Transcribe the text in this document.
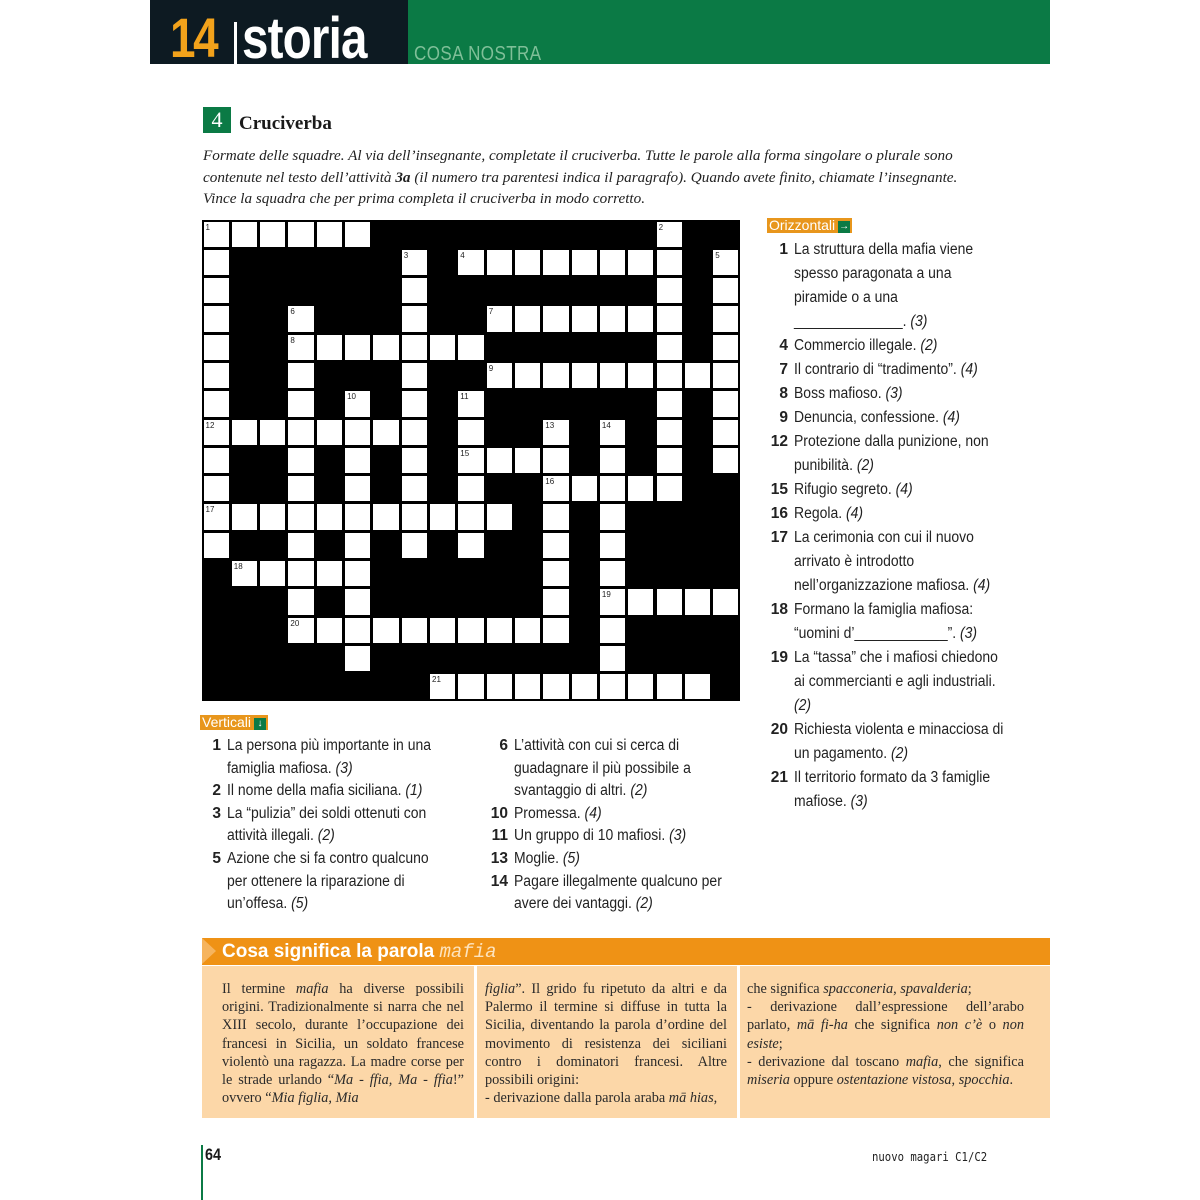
14 storia COSA NOSTRA
4 Cruciverba
Formate delle squadre. Al via dell’insegnante, completate il cruciverba. Tutte le parole alla forma singolare o plurale sono contenute nel testo dell’attività 3a (il numero tra parentesi indica il paragrafo). Quando avete finito, chiamate l’insegnante. Vince la squadra che per prima completa il cruciverba in modo corretto.
1	2
3	4	5
6	7
8
9
10	11
12	13	14
15
16
17
18
19
20
21
Orizzontali →
1 La struttura della mafia viene spesso paragonata a una piramide o a una ______________. (3)
4 Commercio illegale. (2)
7 Il contrario di “tradimento”. (4)
8 Boss mafioso. (3)
9 Denuncia, confessione. (4)
12 Protezione dalla punizione, non punibilità. (2)
15 Rifugio segreto. (4)
16 Regola. (4)
17 La cerimonia con cui il nuovo arrivato è introdotto nell’organizzazione mafiosa. (4)
18 Formano la famiglia mafiosa: “uomini d’____________”. (3)
19 La “tassa” che i mafiosi chiedono ai commercianti e agli industriali. (2)
20 Richiesta violenta e minacciosa di un pagamento. (2)
21 Il territorio formato da 3 famiglie mafiose. (3)
Verticali ↓
1 La persona più importante in una famiglia mafiosa. (3)
2 Il nome della mafia siciliana. (1)
3 La “pulizia” dei soldi ottenuti con attività illegali. (2)
5 Azione che si fa contro qualcuno per ottenere la riparazione di un’offesa. (5)
6 L’attività con cui si cerca di guadagnare il più possibile a svantaggio di altri. (2)
10 Promessa. (4)
11 Un gruppo di 10 mafiosi. (3)
13 Moglie. (5)
14 Pagare illegalmente qualcuno per avere dei vantaggi. (2)
Cosa significa la parola mafia
Il termine mafia ha diverse possibili origini. Tradizionalmente si narra che nel XIII secolo, durante l’occupazione dei francesi in Sicilia, un soldato francese violentò una ragazza. La madre corse per le strade urlando “Ma - ffia, Ma - ffia!” ovvero “Mia figlia, Mia
figlia”. Il grido fu ripetuto da altri e da Palermo il termine si diffuse in tutta la Sicilia, diventando la parola d’ordine del movimento di resistenza dei siciliani contro i dominatori francesi. Altre possibili origini:
- derivazione dalla parola araba mā hias,
che significa spacconeria, spavalderia;
- derivazione dall’espressione dell’arabo parlato, mā fi-ha che significa non c’è o non esiste;
- derivazione dal toscano mafia, che significa miseria oppure ostentazione vistosa, spocchia.
64	nuovo magari C1/C2
